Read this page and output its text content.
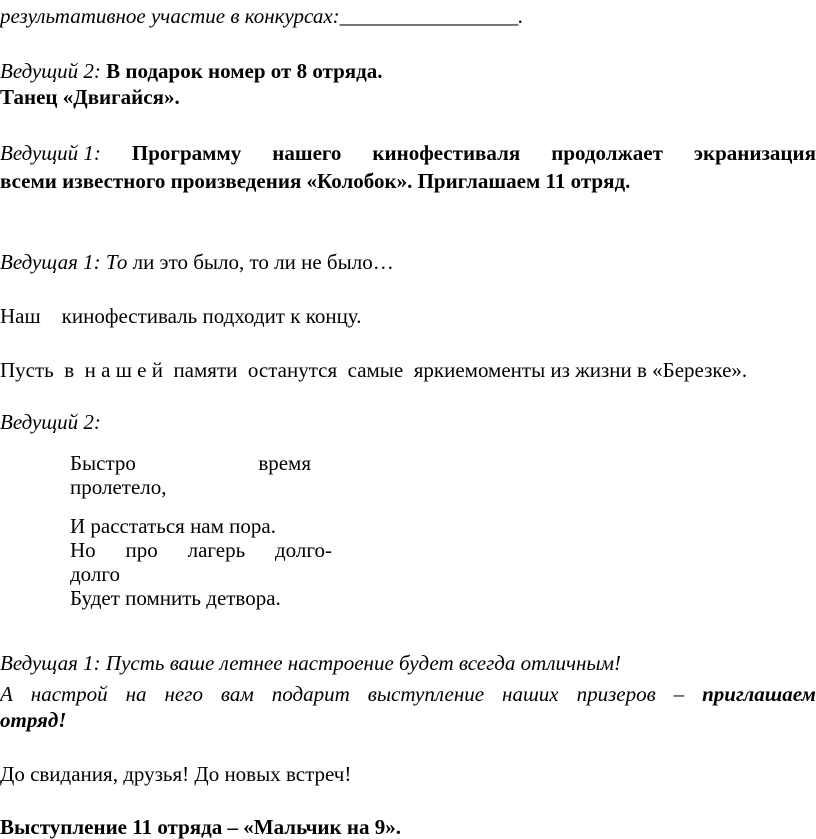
результативное участие в конкурсах:_________________.
Ведущий 2: В подарок номер от 8 отряда.
Танец «Двигайся».
Ведущий 1: Программу нашего кинофестиваля продолжает экранизация
всеми известного произведения «Колобок». Приглашаем 11 отряд.
Ведущая 1: То ли это было, то ли не было…
Наш    кинофестиваль подходит к концу.
Пусть  в  н а ш е й  памяти  останутся  самые  яркиемоменты из жизни в «Березке».
Ведущий 2:
Быстро	время
пролетело,
И расстаться нам пора.
Но про лагерь долго-
долго
Будет помнить детвора.
Ведущая 1: Пусть ваше летнее настроение будет всегда отличным!
А настрой на него вам подарит выступление наших призеров – приглашаем
отряд!
До свидания, друзья! До новых встреч!
Выступление 11 отряда – «Мальчик на 9».
